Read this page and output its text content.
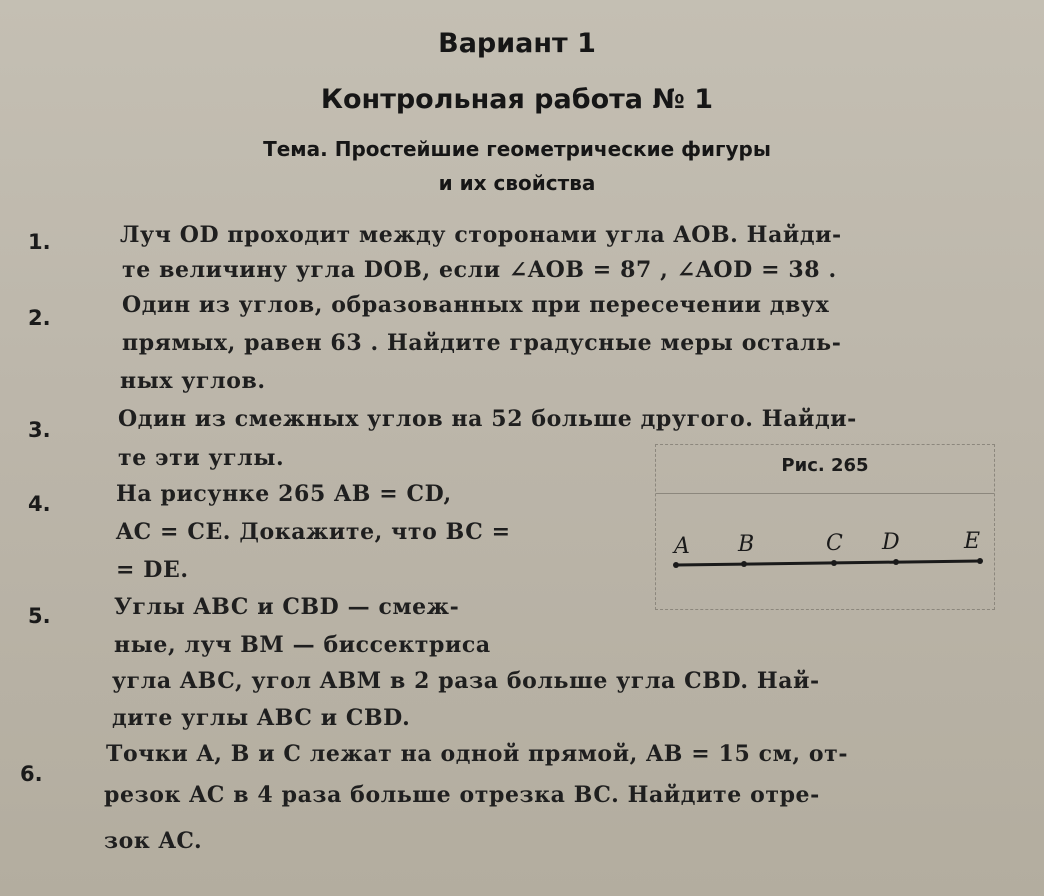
Вариант 1
Контрольная работа № 1
Тема. Простейшие геометрические фигуры
и их свойства
1.	Луч OD проходит между сторонами угла AOB. Найди-
те величину угла DOB, если ∠AOB = 87 , ∠AOD = 38 .
2.	Один из углов, образованных при пересечении двух
прямых, равен 63 . Найдите градусные меры осталь-
ных углов.
3.	Один из смежных углов на 52 больше другого. Найди-
те эти углы.
4.	На рисунке 265 AB = CD,
AC = CE. Докажите, что BC =
= DE.
5.	Углы ABC и CBD — смеж-
ные, луч BM — биссектриса
угла ABC, угол ABM в 2 раза больше угла CBD. Най-
дите углы ABC и CBD.
6.
Точки A, B и C лежат на одной прямой, AB = 15 см, от-
резок AC в 4 раза больше отрезка BC. Найдите отре-
зок AC.
Рис. 265
A B	C D	E
